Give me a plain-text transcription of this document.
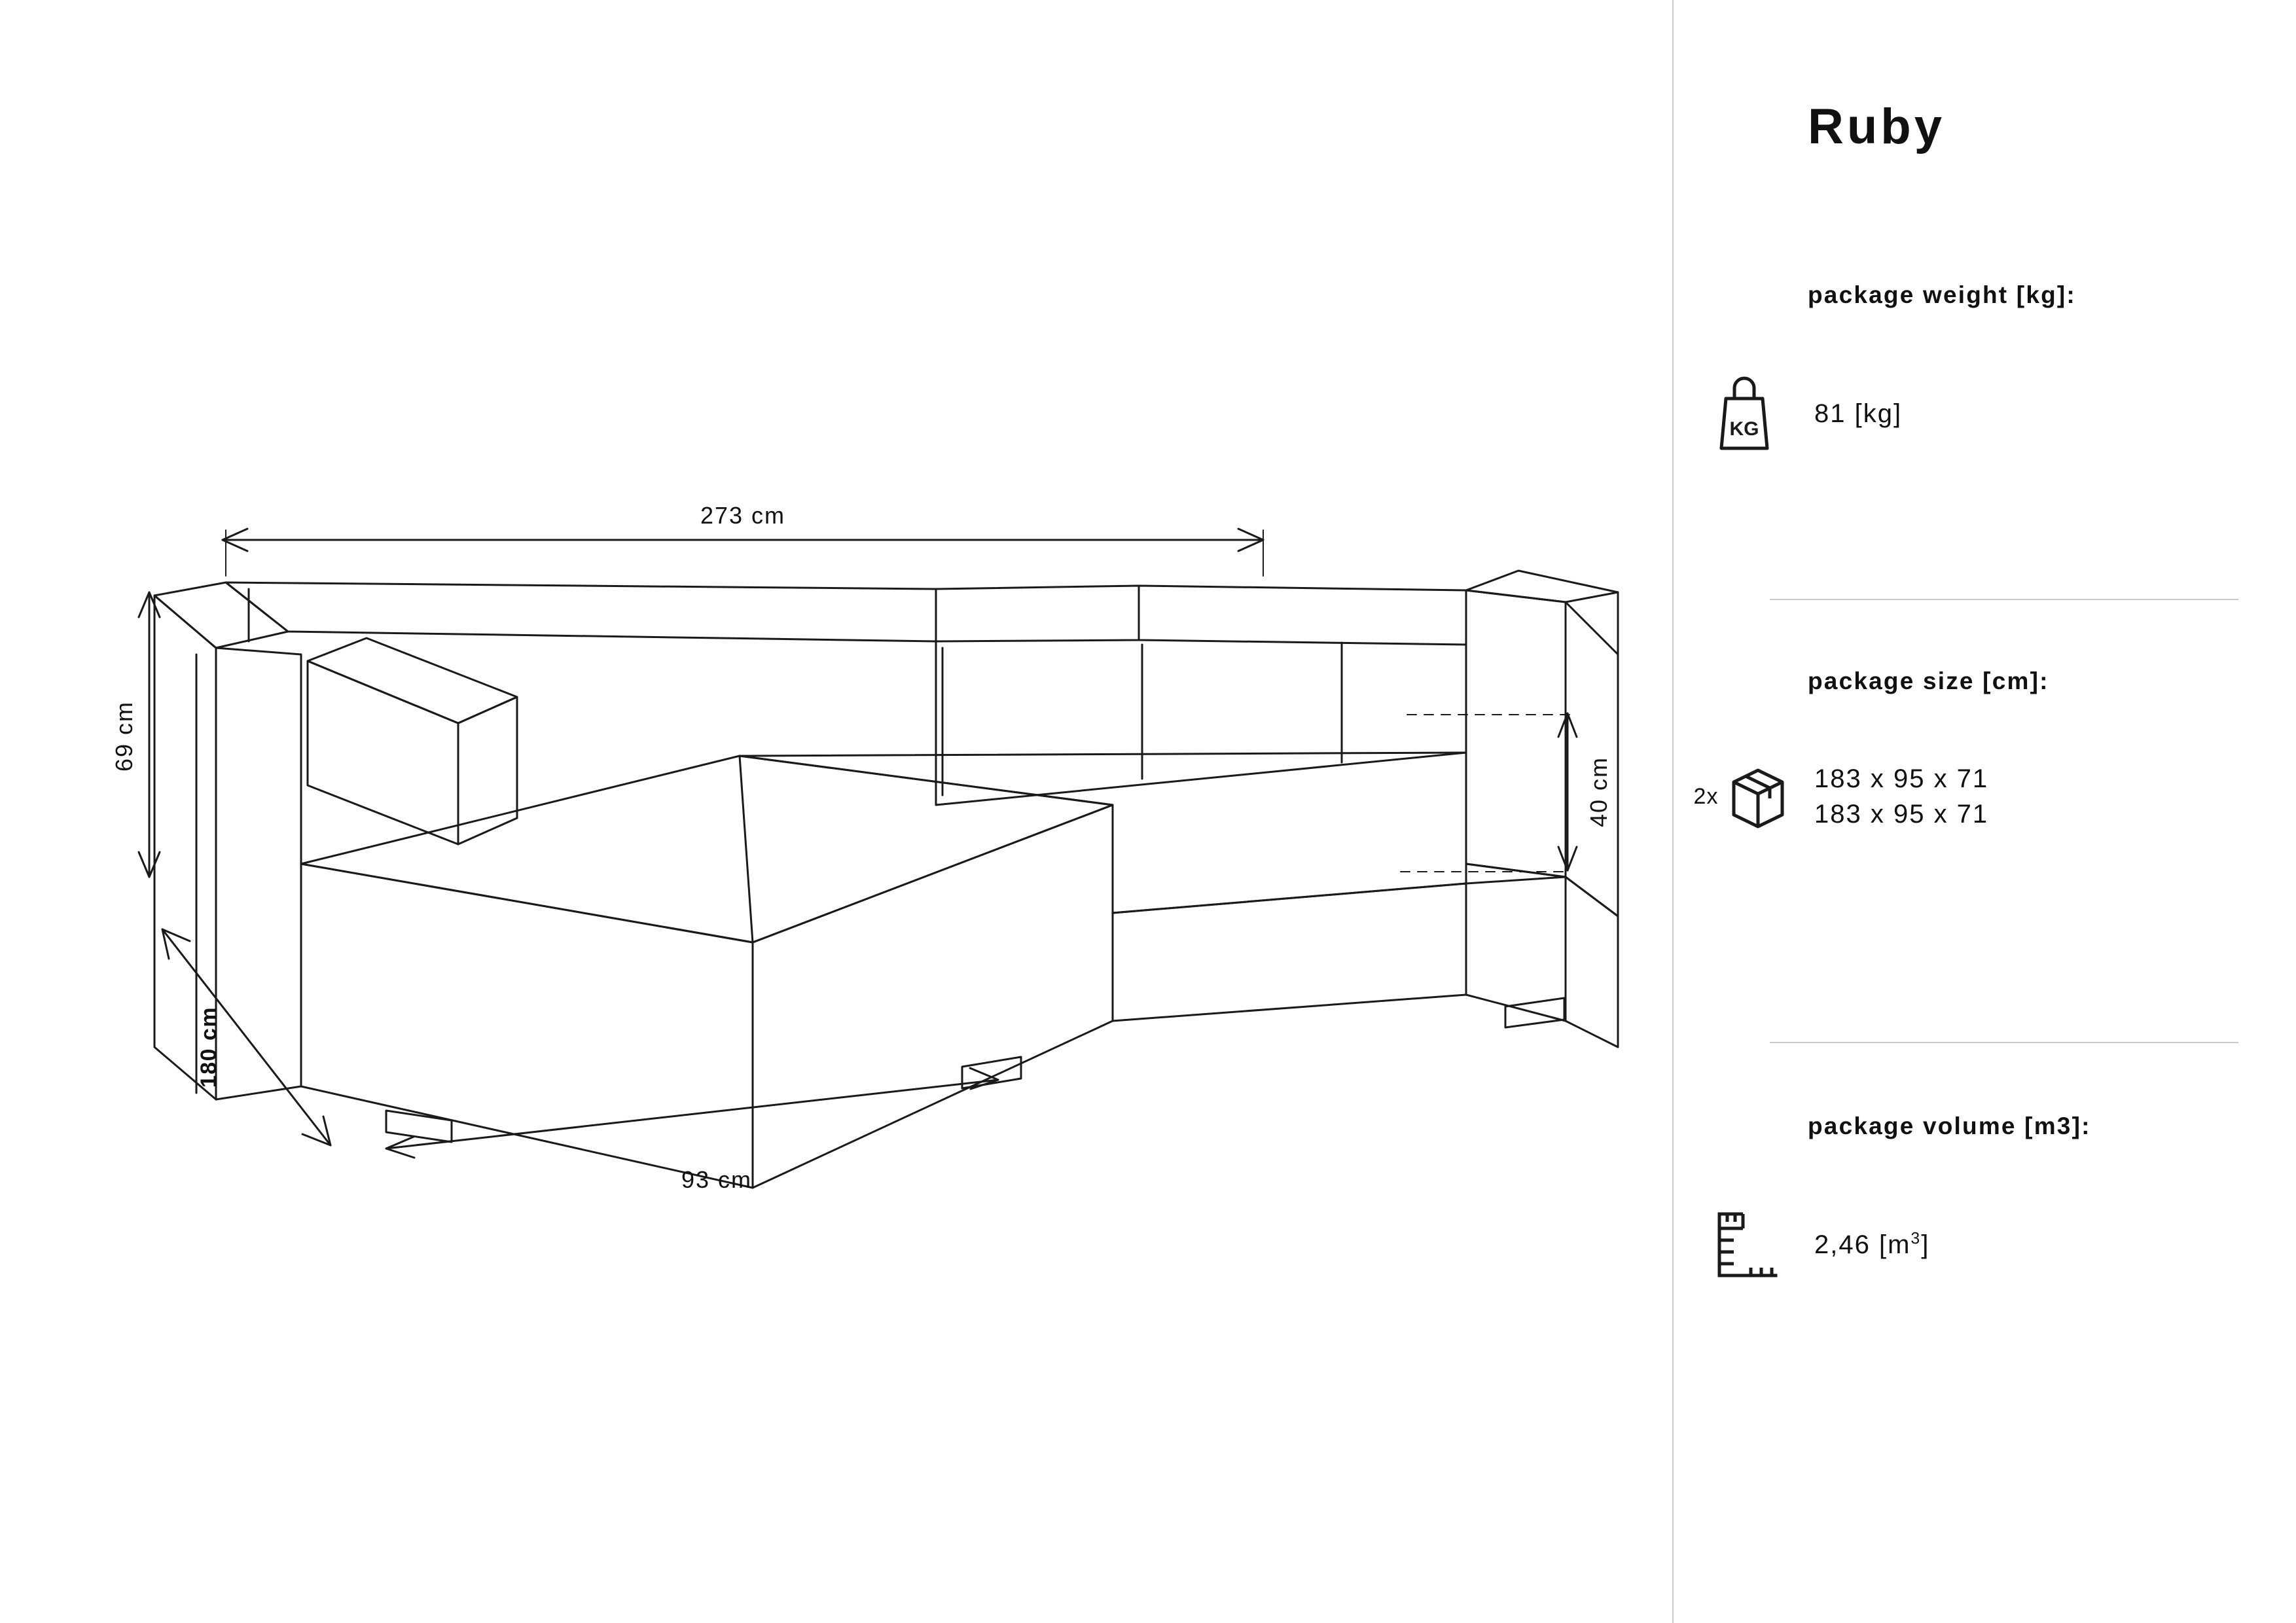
273 cm
69 cm
180 cm
93 cm
40 cm
Ruby
package weight [kg]:
KG
81 [kg]
package size [cm]:
2x
183 x 95 x 71
183 x 95 x 71
package volume [m3]:
2,46 $[m^3]$
